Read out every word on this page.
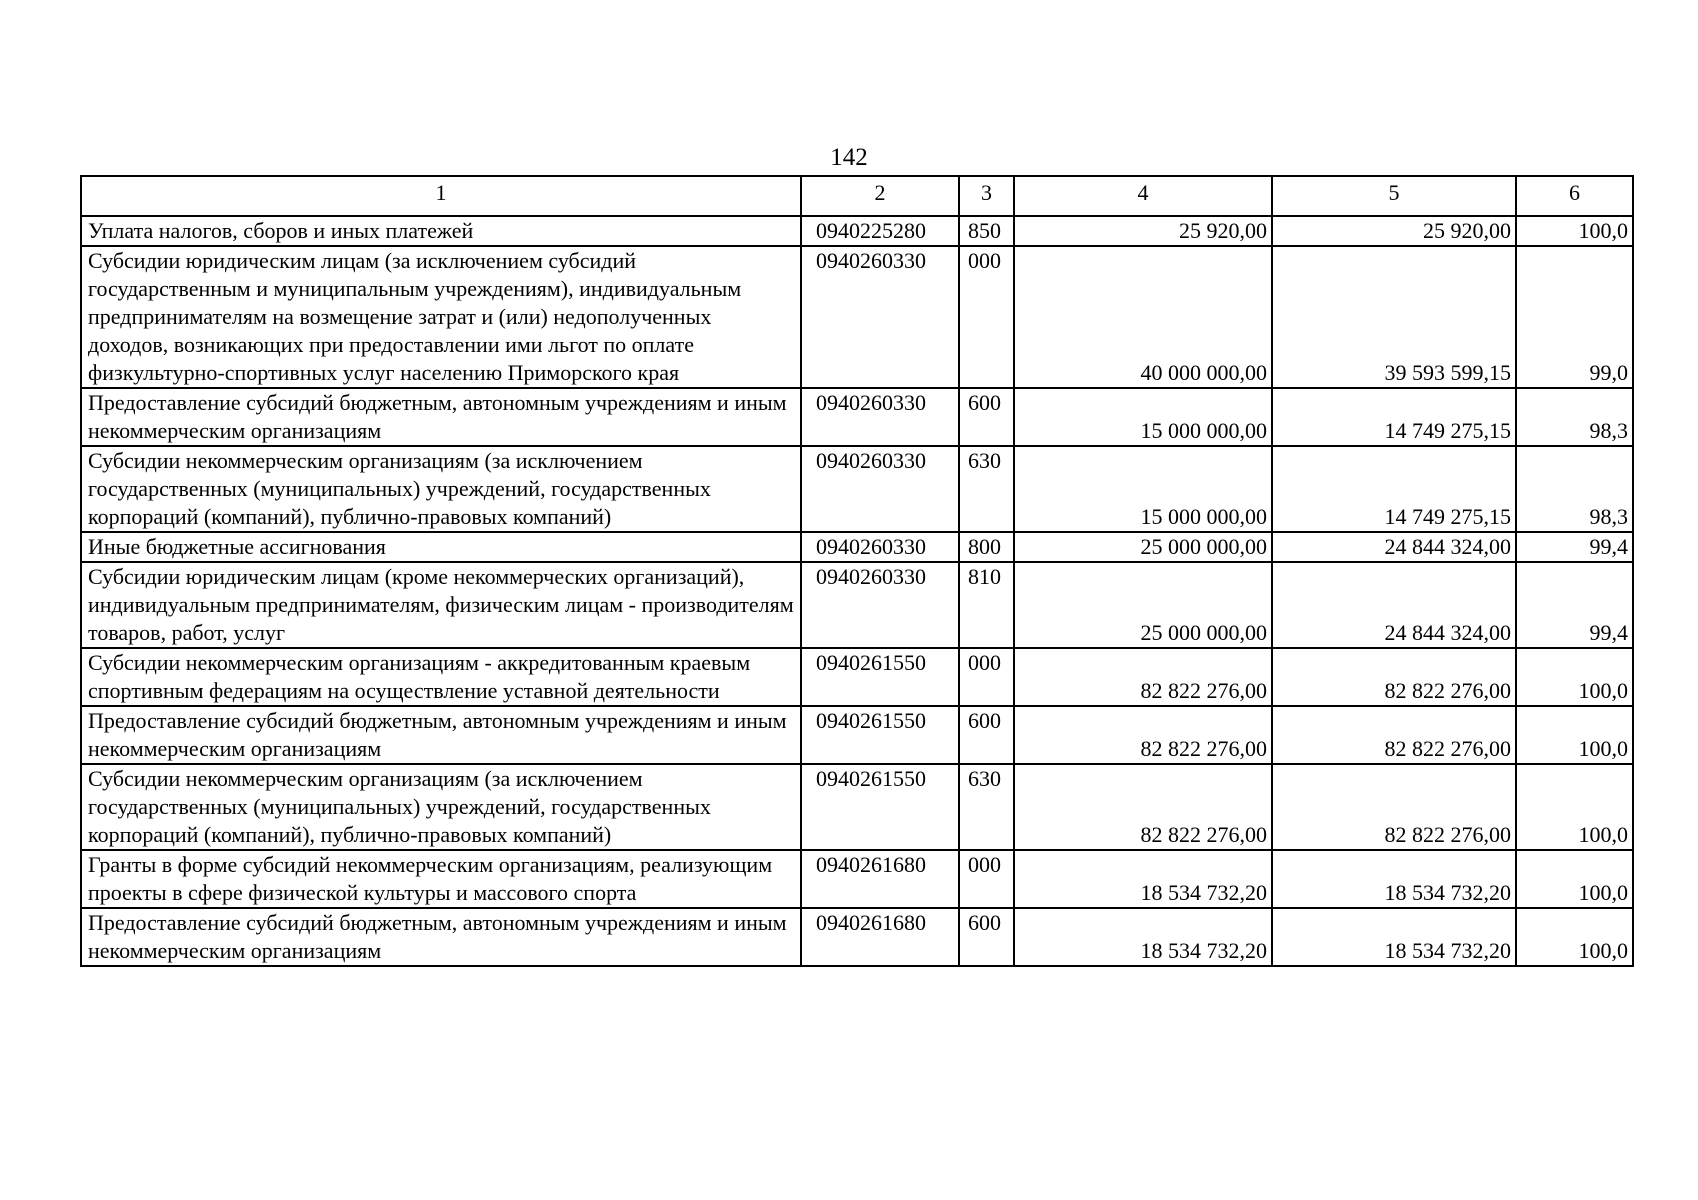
142
1	2	3	4	5	6
Уплата налогов, сборов и иных платежей	0940225280	850	25 920,00	25 920,00	100,0
Субсидии юридическим лицам (за исключением субсидий государственным и муниципальным учреждениям), индивидуальным предпринимателям на возмещение затрат и (или) недополученных доходов, возникающих при предоставлении ими льгот по оплате физкультурно-спортивных услуг населению Приморского края	0940260330	000	40 000 000,00	39 593 599,15	99,0
Предоставление субсидий бюджетным, автономным учреждениям и иным некоммерческим организациям	0940260330	600	15 000 000,00	14 749 275,15	98,3
Субсидии некоммерческим организациям (за исключением государственных (муниципальных) учреждений, государственных корпораций (компаний), публично-правовых компаний)	0940260330	630	15 000 000,00	14 749 275,15	98,3
Иные бюджетные ассигнования	0940260330	800	25 000 000,00	24 844 324,00	99,4
Субсидии юридическим лицам (кроме некоммерческих организаций), индивидуальным предпринимателям, физическим лицам - производителям товаров, работ, услуг	0940260330	810	25 000 000,00	24 844 324,00	99,4
Субсидии некоммерческим организациям - аккредитованным краевым спортивным федерациям на осуществление уставной деятельности	0940261550	000	82 822 276,00	82 822 276,00	100,0
Предоставление субсидий бюджетным, автономным учреждениям и иным некоммерческим организациям	0940261550	600	82 822 276,00	82 822 276,00	100,0
Субсидии некоммерческим организациям (за исключением государственных (муниципальных) учреждений, государственных корпораций (компаний), публично-правовых компаний)	0940261550	630	82 822 276,00	82 822 276,00	100,0
Гранты в форме субсидий некоммерческим организациям, реализующим проекты в сфере физической культуры и массового спорта	0940261680	000	18 534 732,20	18 534 732,20	100,0
Предоставление субсидий бюджетным, автономным учреждениям и иным некоммерческим организациям	0940261680	600	18 534 732,20	18 534 732,20	100,0
